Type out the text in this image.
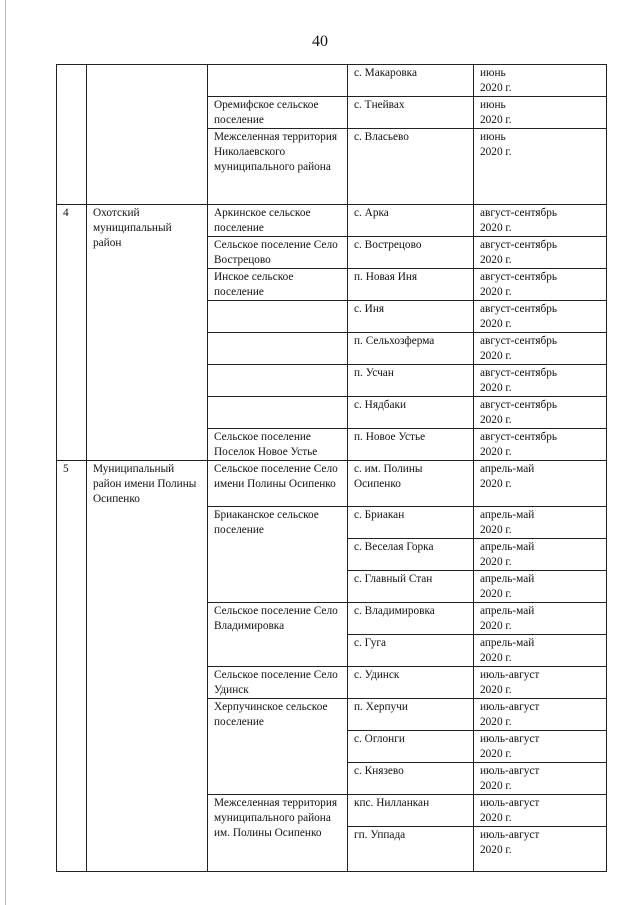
40
			с. Макаровка	июнь
2020 г.
		Оремифское сельское поселение	с. Тнейвах	июнь
2020 г.
		Межселенная территория Николаевского муниципального района	с. Власьево	июнь
2020 г.
4	Охотский муниципальный район	Аркинское сельское поселение	с. Арка	август-сентябрь
2020 г.
		Сельское поселение Село Вострецово	с. Вострецово	август-сентябрь
2020 г.
		Инское сельское поселение	п. Новая Иня	август-сентябрь
2020 г.
			с. Иня	август-сентябрь
2020 г.
			п. Сельхозферма	август-сентябрь
2020 г.
			п. Усчан	август-сентябрь
2020 г.
			с. Нядбаки	август-сентябрь
2020 г.
		Сельское поселение Поселок Новое Устье	п. Новое Устье	август-сентябрь
2020 г.
5	Муниципальный район имени Полины Осипенко	Сельское поселение Село имени Полины Осипенко	с. им. Полины Осипенко	апрель-май
2020 г.
		Бриаканское сельское поселение	с. Бриакан	апрель-май
2020 г.
			с. Веселая Горка	апрель-май
2020 г.
			с. Главный Стан	апрель-май
2020 г.
		Сельское поселение Село Владимировка	с. Владимировка	апрель-май
2020 г.
			с. Гуга	апрель-май
2020 г.
		Сельское поселение Село Удинск	с. Удинск	июль-август
2020 г.
		Херпучинское сельское поселение	п. Херпучи	июль-август
2020 г.
			с. Оглонги	июль-август
2020 г.
			с. Князево	июль-август
2020 г.
		Межселенная территория муниципального района им. Полины Осипенко	кпс. Нилланкан	июль-август
2020 г.
			гп. Уппада	июль-август
2020 г.
